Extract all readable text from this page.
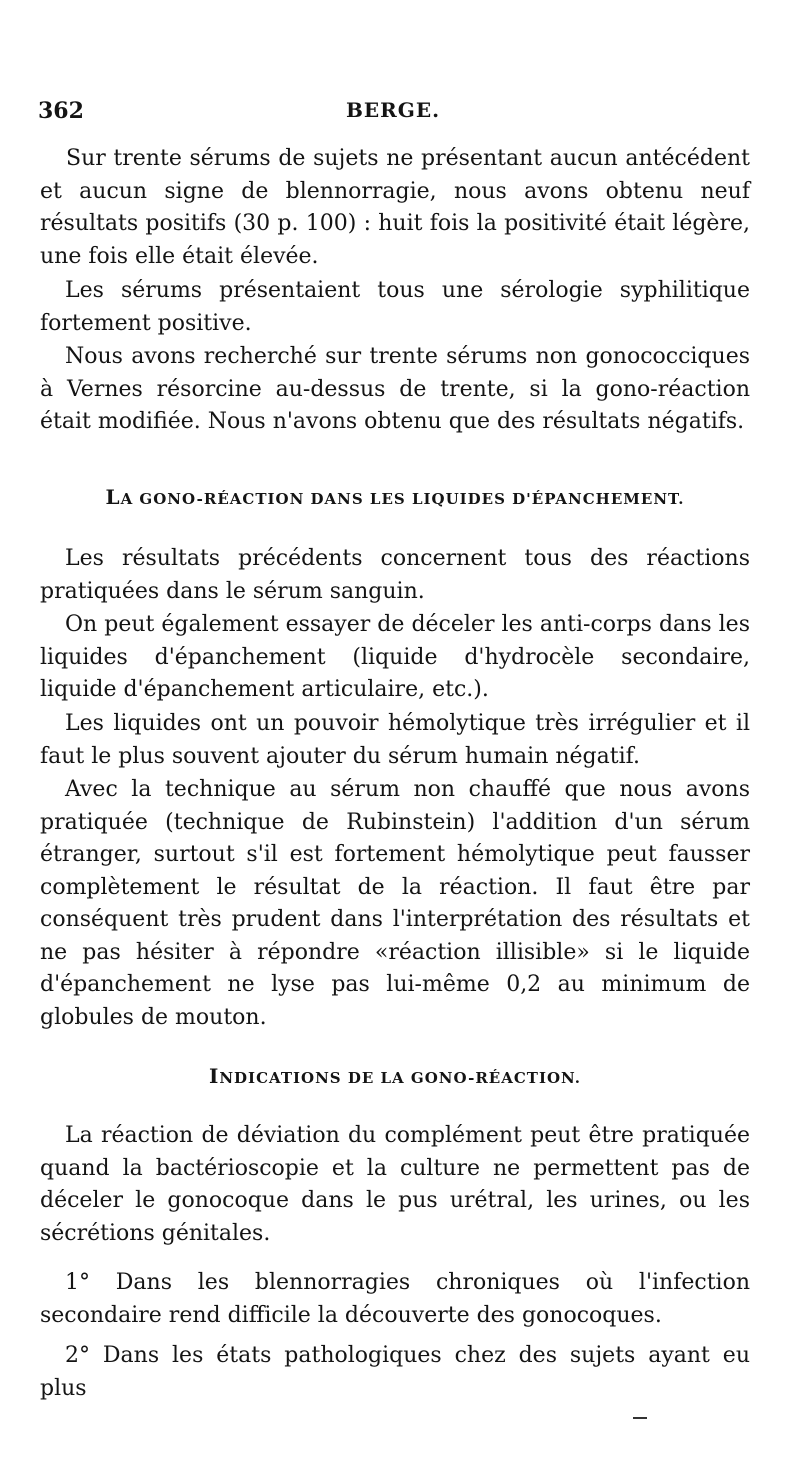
362	BERGE.

Sur trente sérums de sujets ne présentant aucun antécédent et aucun signe de blennorragie, nous avons obtenu neuf résultats positifs (30 p. 100) : huit fois la positivité était légère, une fois elle était élevée.

Les sérums présentaient tous une sérologie syphilitique fortement positive.

Nous avons recherché sur trente sérums non gonococciques à Vernes résorcine au-dessus de trente, si la gono-réaction était modifiée. Nous n'avons obtenu que des résultats négatifs.

LA GONO-RÉACTION DANS LES LIQUIDES D'ÉPANCHEMENT.

Les résultats précédents concernent tous des réactions pratiquées dans le sérum sanguin.

On peut également essayer de déceler les anti-corps dans les liquides d'épanchement (liquide d'hydrocèle secondaire, liquide d'épanchement articulaire, etc.).

Les liquides ont un pouvoir hémolytique très irrégulier et il faut le plus souvent ajouter du sérum humain négatif.

Avec la technique au sérum non chauffé que nous avons pratiquée (technique de Rubinstein) l'addition d'un sérum étranger, surtout s'il est fortement hémolytique peut fausser complètement le résultat de la réaction. Il faut être par conséquent très prudent dans l'interprétation des résultats et ne pas hésiter à répondre «réaction illisible» si le liquide d'épanchement ne lyse pas lui-même 0,2 au minimum de globules de mouton.

INDICATIONS DE LA GONO-RÉACTION.

La réaction de déviation du complément peut être pratiquée quand la bactérioscopie et la culture ne permettent pas de déceler le gonocoque dans le pus urétral, les urines, ou les sécrétions génitales.

1° Dans les blennorragies chroniques où l'infection secondaire rend difficile la découverte des gonocoques.

2° Dans les états pathologiques chez des sujets ayant eu plus
